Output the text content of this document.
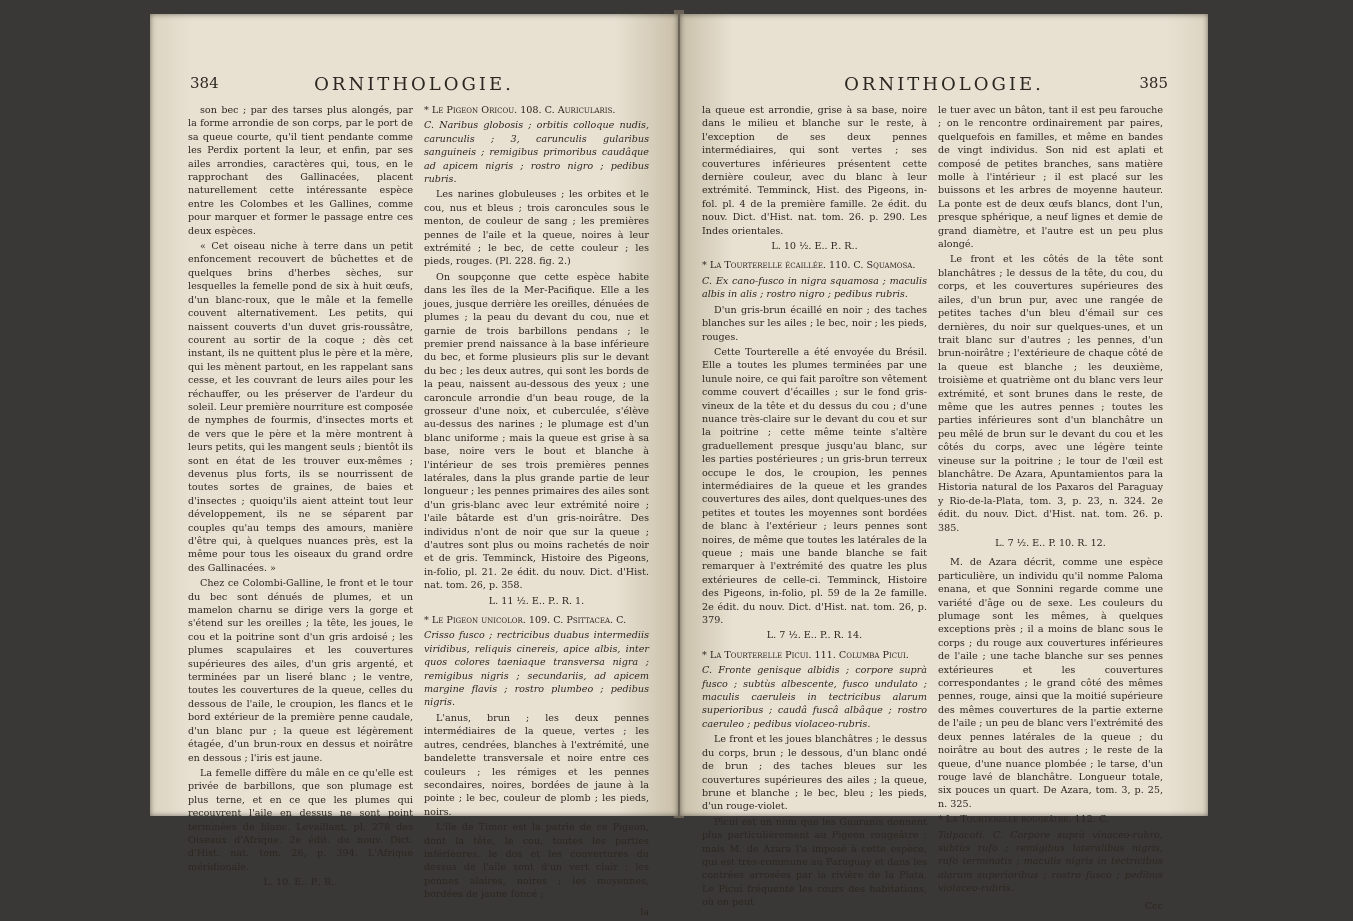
384	ORNITHOLOGIE.

son bec ; par des tarses plus alongés, par la forme arrondie de son corps, par le port de sa queue courte, qu'il tient pendante comme les Perdix portent la leur, et enfin, par ses ailes arrondies, caractères qui, tous, en le rapprochant des Gallinacées, placent naturellement cette intéressante espèce entre les Colombes et les Gallines, comme pour marquer et former le passage entre ces deux espèces.

« Cet oiseau niche à terre dans un petit enfoncement recouvert de bûchettes et de quelques brins d'herbes sèches, sur lesquelles la femelle pond de six à huit œufs, d'un blanc-roux, que le mâle et la femelle couvent alternativement. Les petits, qui naissent couverts d'un duvet gris-roussâtre, courent au sortir de la coque ; dès cet instant, ils ne quittent plus le père et la mère, qui les mènent partout, en les rappelant sans cesse, et les couvrant de leurs ailes pour les réchauffer, ou les préserver de l'ardeur du soleil. Leur première nourriture est composée de nymphes de fourmis, d'insectes morts et de vers que le père et la mère montrent à leurs petits, qui les mangent seuls ; bientôt ils sont en état de les trouver eux-mêmes ; devenus plus forts, ils se nourrissent de toutes sortes de graines, de baies et d'insectes ; quoiqu'ils aient atteint tout leur développement, ils ne se séparent par couples qu'au temps des amours, manière d'être qui, à quelques nuances près, est la même pour tous les oiseaux du grand ordre des Gallinacées. »

Chez ce Colombi-Galline, le front et le tour du bec sont dénués de plumes, et un mamelon charnu se dirige vers la gorge et s'étend sur les oreilles ; la tête, les joues, le cou et la poitrine sont d'un gris ardoisé ; les plumes scapulaires et les couvertures supérieures des ailes, d'un gris argenté, et terminées par un liseré blanc ; le ventre, toutes les couvertures de la queue, celles du dessous de l'aile, le croupion, les flancs et le bord extérieur de la première penne caudale, d'un blanc pur ; la queue est légèrement étagée, d'un brun-roux en dessus et noirâtre en dessous ; l'iris est jaune.

La femelle diffère du mâle en ce qu'elle est privée de barbillons, que son plumage est plus terne, et en ce que les plumes qui recouvrent l'aile en dessus ne sont point terminées de blanc. Levaillant, pl. 278 des Oiseaux d'Afrique. 2e édit. du nouv. Dict. d'Hist. nat. tom. 26, p. 394. L'Afrique méridionale.

L. 10. E.. P.. R..

* Le Pigeon Oricou. 108. C. Auricularis.

C. Naribus globosis ; orbitis colloque nudis, carunculis ; 3, carunculis gularibus sanguineis ; remigibus primoribus caudâque ad apicem nigris ; rostro nigro ; pedibus rubris.

Les narines globuleuses ; les orbites et le cou, nus et bleus ; trois caroncules sous le menton, de couleur de sang ; les premières pennes de l'aile et la queue, noires à leur extrémité ; le bec, de cette couleur ; les pieds, rouges. (Pl. 228. fig. 2.)

On soupçonne que cette espèce habite dans les îles de la Mer-Pacifique. Elle a les joues, jusque derrière les oreilles, dénuées de plumes ; la peau du devant du cou, nue et garnie de trois barbillons pendans ; le premier prend naissance à la base inférieure du bec, et forme plusieurs plis sur le devant du bec ; les deux autres, qui sont les bords de la peau, naissent au-dessous des yeux ; une caroncule arrondie d'un beau rouge, de la grosseur d'une noix, et cuberculée, s'élève au-dessus des narines ; le plumage est d'un blanc uniforme ; mais la queue est grise à sa base, noire vers le bout et blanche à l'intérieur de ses trois premières pennes latérales, dans la plus grande partie de leur longueur ; les pennes primaires des ailes sont d'un gris-blanc avec leur extrémité noire ; l'aile bâtarde est d'un gris-noirâtre. Des individus n'ont de noir que sur la queue ; d'autres sont plus ou moins rachetés de noir et de gris. Temminck, Histoire des Pigeons, in-folio, pl. 21. 2e édit. du nouv. Dict. d'Hist. nat. tom. 26, p. 358.

L. 11 ½. E.. P.. R. 1.

* Le Pigeon unicolor. 109. C. Psittacea. C.

Crisso fusco ; rectricibus duabus intermediis viridibus, reliquis cinereis, apice albis, inter quos colores taeniaque transversa nigra ; remigibus nigris ; secundariis, ad apicem margine flavis ; rostro plumbeo ; pedibus nigris.

L'anus, brun ; les deux pennes intermédiaires de la queue, vertes ; les autres, cendrées, blanches à l'extrémité, une bandelette transversale et noire entre ces couleurs ; les rémiges et les pennes secondaires, noires, bordées de jaune à la pointe ; le bec, couleur de plomb ; les pieds, noirs.

L'île de Timor est la patrie de ce Pigeon, dont la tête, le cou, toutes les parties inférieures, le dos et les couvertures du dessus de l'aile sont d'un vert clair ; les pennes alaires, noires ; les moyennes, bordées de jaune foncé ;

la

ORNITHOLOGIE.	385

la queue est arrondie, grise à sa base, noire dans le milieu et blanche sur le reste, à l'exception de ses deux pennes intermédiaires, qui sont vertes ; ses couvertures inférieures présentent cette dernière couleur, avec du blanc à leur extrémité. Temminck, Hist. des Pigeons, in-fol. pl. 4 de la première famille. 2e édit. du nouv. Dict. d'Hist. nat. tom. 26. p. 290. Les Indes orientales.

L. 10 ½. E.. P.. R..

* La Tourterelle écaillée. 110. C. Squamosa.

C. Ex cano-fusco in nigra squamosa ; maculis albis in alis ; rostro nigro ; pedibus rubris.

D'un gris-brun écaillé en noir ; des taches blanches sur les ailes ; le bec, noir ; les pieds, rouges.

Cette Tourterelle a été envoyée du Brésil. Elle a toutes les plumes terminées par une lunule noire, ce qui fait paroître son vêtement comme couvert d'écailles ; sur le fond gris-vineux de la tête et du dessus du cou ; d'une nuance très-claire sur le devant du cou et sur la poitrine ; cette même teinte s'altère graduellement presque jusqu'au blanc, sur les parties postérieures ; un gris-brun terreux occupe le dos, le croupion, les pennes intermédiaires de la queue et les grandes couvertures des ailes, dont quelques-unes des petites et toutes les moyennes sont bordées de blanc à l'extérieur ; leurs pennes sont noires, de même que toutes les latérales de la queue ; mais une bande blanche se fait remarquer à l'extrémité des quatre les plus extérieures de celle-ci. Temminck, Histoire des Pigeons, in-folio, pl. 59 de la 2e famille. 2e édit. du nouv. Dict. d'Hist. nat. tom. 26, p. 379.

L. 7 ½. E.. P.. R. 14.

* La Tourterelle Picui. 111. Columba Picui.

C. Fronte genisque albidis ; corpore suprà fusco ; subtùs albescente, fusco undulato ; maculis caeruleis in tectricibus alarum superioribus ; caudâ fuscâ albâque ; rostro caeruleo ; pedibus violaceo-rubris.

Le front et les joues blanchâtres ; le dessus du corps, brun ; le dessous, d'un blanc ondé de brun ; des taches bleues sur les couvertures supérieures des ailes ; la queue, brune et blanche ; le bec, bleu ; les pieds, d'un rouge-violet.

Picui est un nom que les Guaranis donnent plus particulièrement au Pigeon rougeâtre ; mais M. de Azara l'a imposé à cette espèce, qui est très-commune au Paraguay et dans les contrées arrosées par la rivière de la Plata. Le Picui fréquente les cours des habitations, où on peut

le tuer avec un bâton, tant il est peu farouche ; on le rencontre ordinairement par paires, quelquefois en familles, et même en bandes de vingt individus. Son nid est aplati et composé de petites branches, sans matière molle à l'intérieur ; il est placé sur les buissons et les arbres de moyenne hauteur. La ponte est de deux œufs blancs, dont l'un, presque sphérique, a neuf lignes et demie de grand diamètre, et l'autre est un peu plus alongé.

Le front et les côtés de la tête sont blanchâtres ; le dessus de la tête, du cou, du corps, et les couvertures supérieures des ailes, d'un brun pur, avec une rangée de petites taches d'un bleu d'émail sur ces dernières, du noir sur quelques-unes, et un trait blanc sur d'autres ; les pennes, d'un brun-noirâtre ; l'extérieure de chaque côté de la queue est blanche ; les deuxième, troisième et quatrième ont du blanc vers leur extrémité, et sont brunes dans le reste, de même que les autres pennes ; toutes les parties inférieures sont d'un blanchâtre un peu mêlé de brun sur le devant du cou et les côtés du corps, avec une légère teinte vineuse sur la poitrine ; le tour de l'œil est blanchâtre. De Azara, Apuntamientos para la Historia natural de los Paxaros del Paraguay y Rio-de-la-Plata, tom. 3, p. 23, n. 324. 2e édit. du nouv. Dict. d'Hist. nat. tom. 26. p. 385.

L. 7 ½. E.. P. 10. R. 12.

M. de Azara décrit, comme une espèce particulière, un individu qu'il nomme Paloma enana, et que Sonnini regarde comme une variété d'âge ou de sexe. Les couleurs du plumage sont les mêmes, à quelques exceptions près ; il a moins de blanc sous le corps ; du rouge aux couvertures inférieures de l'aile ; une tache blanche sur ses pennes extérieures et les couvertures correspondantes ; le grand côté des mêmes pennes, rouge, ainsi que la moitié supérieure des mêmes couvertures de la partie externe de l'aile ; un peu de blanc vers l'extrémité des deux pennes latérales de la queue ; du noirâtre au bout des autres ; le reste de la queue, d'une nuance plombée ; le tarse, d'un rouge lavé de blanchâtre. Longueur totale, six pouces un quart. De Azara, tom. 3, p. 25, n. 325.

* La Tourterelle rougeâtre. 112. C.

Talpacoti. C. Corpore suprà vinaceo-rubro, subtùs rufo ; remigibus lateralibus nigris, rufo terminatis ; maculis nigris in tectricibus alarum superioribus ; rostro fusco ; pedibus violaceo-rubris.

Ccc
